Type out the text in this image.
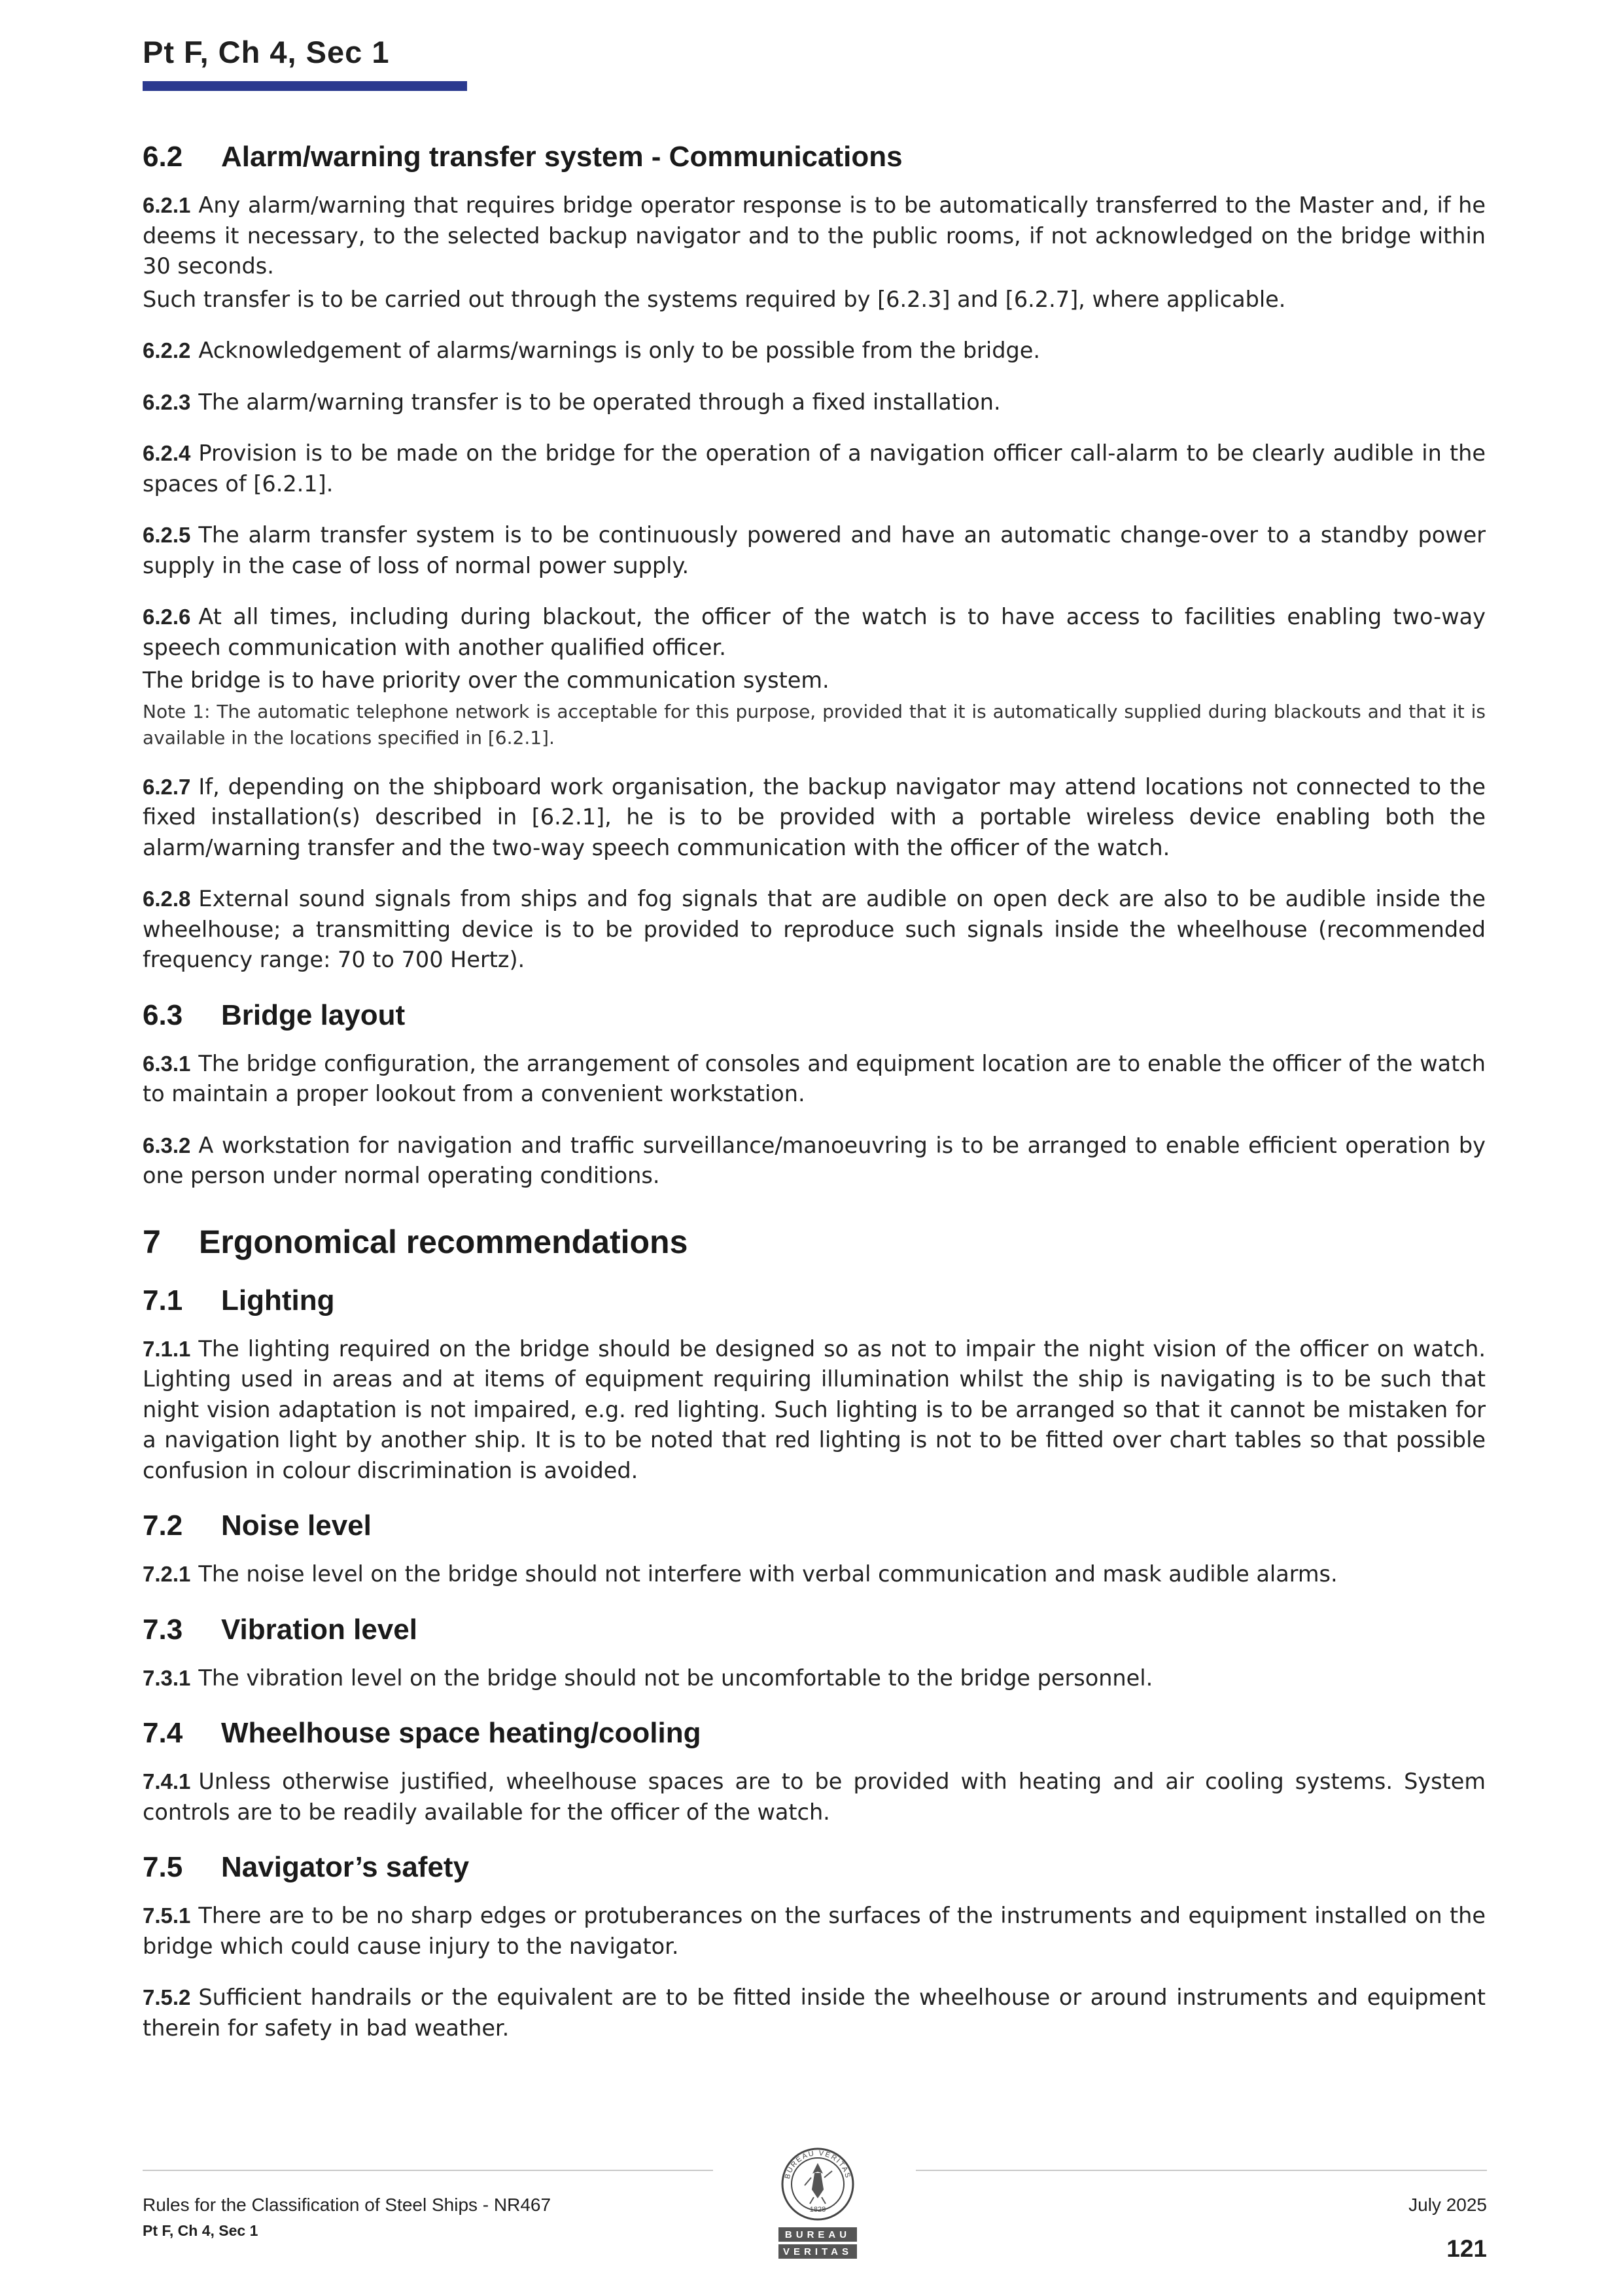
Pt F, Ch 4, Sec 1
6.2	Alarm/warning transfer system - Communications

6.2.1 Any alarm/warning that requires bridge operator response is to be automatically transferred to the Master and, if he deems it necessary, to the selected backup navigator and to the public rooms, if not acknowledged on the bridge within 30 seconds.

Such transfer is to be carried out through the systems required by [6.2.3] and [6.2.7], where applicable.

6.2.2 Acknowledgement of alarms/warnings is only to be possible from the bridge.

6.2.3 The alarm/warning transfer is to be operated through a fixed installation.

6.2.4 Provision is to be made on the bridge for the operation of a navigation officer call-alarm to be clearly audible in the spaces of [6.2.1].

6.2.5 The alarm transfer system is to be continuously powered and have an automatic change-over to a standby power supply in the case of loss of normal power supply.

6.2.6 At all times, including during blackout, the officer of the watch is to have access to facilities enabling two-way speech communication with another qualified officer.

The bridge is to have priority over the communication system.

Note 1: The automatic telephone network is acceptable for this purpose, provided that it is automatically supplied during blackouts and that it is available in the locations specified in [6.2.1].

6.2.7 If, depending on the shipboard work organisation, the backup navigator may attend locations not connected to the fixed installation(s) described in [6.2.1], he is to be provided with a portable wireless device enabling both the alarm/warning transfer and the two-way speech communication with the officer of the watch.

6.2.8 External sound signals from ships and fog signals that are audible on open deck are also to be audible inside the wheelhouse; a transmitting device is to be provided to reproduce such signals inside the wheelhouse (recommended frequency range: 70 to 700 Hertz).

6.3	Bridge layout

6.3.1 The bridge configuration, the arrangement of consoles and equipment location are to enable the officer of the watch to maintain a proper lookout from a convenient workstation.

6.3.2 A workstation for navigation and traffic surveillance/manoeuvring is to be arranged to enable efficient operation by one person under normal operating conditions.

7	Ergonomical recommendations
7.1	Lighting

7.1.1 The lighting required on the bridge should be designed so as not to impair the night vision of the officer on watch. Lighting used in areas and at items of equipment requiring illumination whilst the ship is navigating is to be such that night vision adaptation is not impaired, e.g. red lighting. Such lighting is to be arranged so that it cannot be mistaken for a navigation light by another ship. It is to be noted that red lighting is not to be fitted over chart tables so that possible confusion in colour discrimination is avoided.

7.2	Noise level

7.2.1 The noise level on the bridge should not interfere with verbal communication and mask audible alarms.

7.3	Vibration level

7.3.1 The vibration level on the bridge should not be uncomfortable to the bridge personnel.

7.4	Wheelhouse space heating/cooling

7.4.1 Unless otherwise justified, wheelhouse spaces are to be provided with heating and air cooling systems. System controls are to be readily available for the officer of the watch.

7.5	Navigator’s safety

7.5.1 There are to be no sharp edges or protuberances on the surfaces of the instruments and equipment installed on the bridge which could cause injury to the navigator.

7.5.2 Sufficient handrails or the equivalent are to be fitted inside the wheelhouse or around instruments and equipment therein for safety in bad weather.

Rules for the Classification of Steel Ships - NR467
Pt F, Ch 4, Sec 1
July 2025
121
BUREAU VERITAS
1828
BUREAU
VERITAS
